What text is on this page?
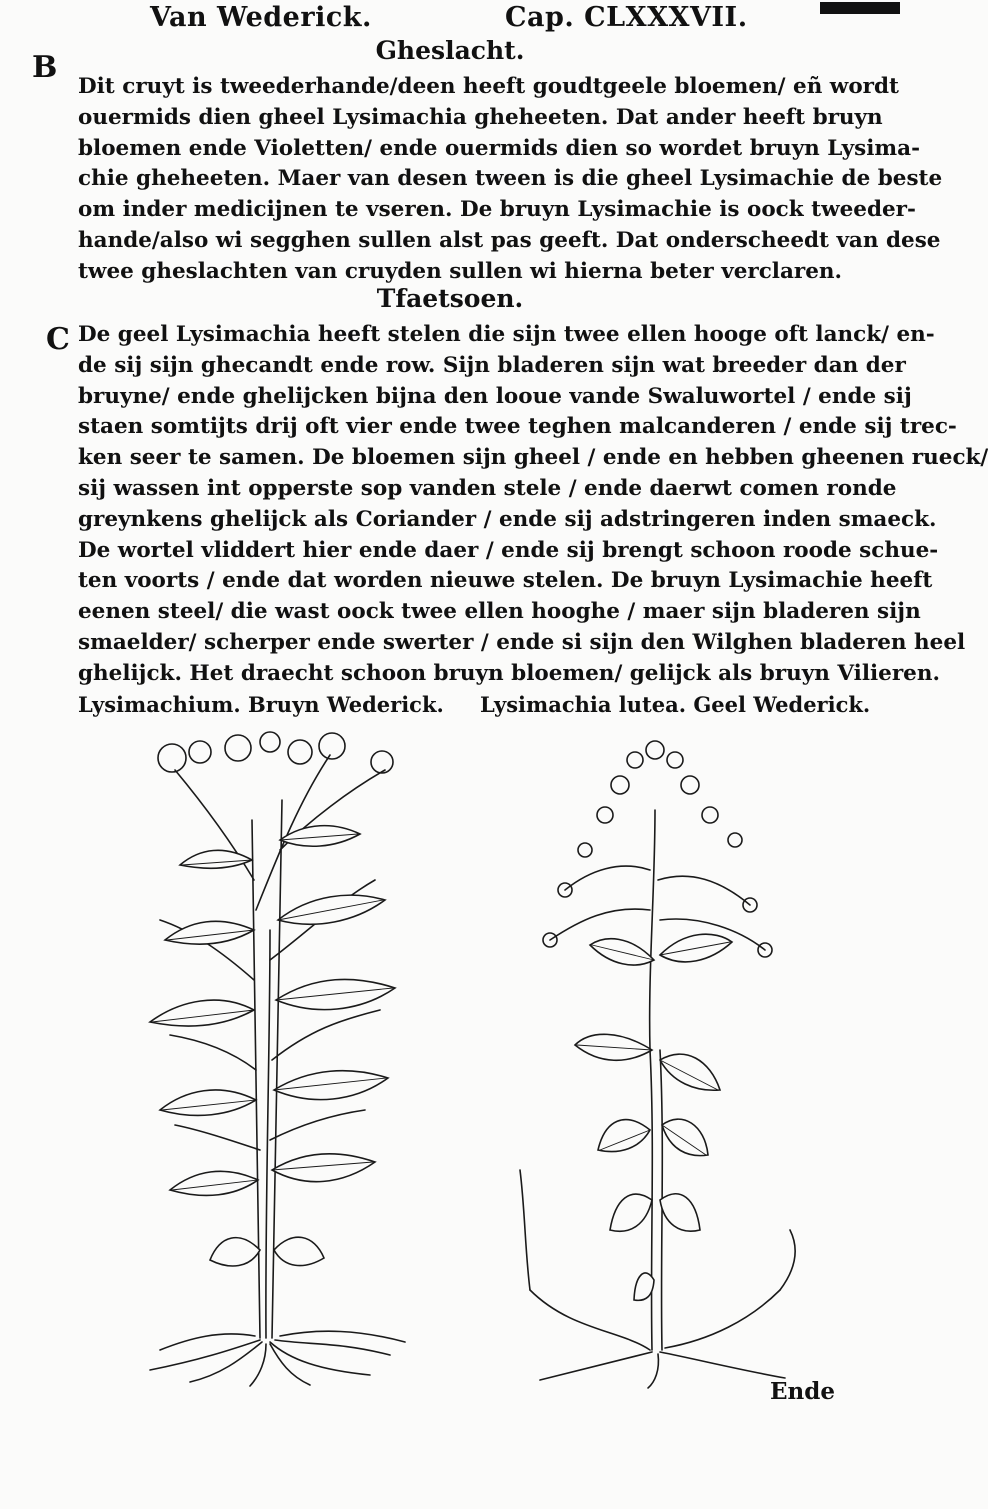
Van Wederick.	Cap. CLXXXVII.
B	Gheslacht.
Dit cruyt is tweederhande/deen heeft goudtgeele bloemen/ eñ wordt
ouermids dien gheel Lysimachia gheheeten. Dat ander heeft bruyn
bloemen ende Violetten/ ende ouermids dien so wordet bruyn Lysima-
chie gheheeten. Maer van desen tween is die gheel Lysimachie de beste
om inder medicijnen te vseren. De bruyn Lysimachie is oock tweeder-
hande/also wi segghen sullen alst pas geeft. Dat onderscheedt van dese
twee gheslachten van cruyden sullen wi hierna beter verclaren.
Tfaetsoen.
C De geel Lysimachia heeft stelen die sijn twee ellen hooge oft lanck/ en-
de sij sijn ghecandt ende row. Sijn bladeren sijn wat breeder dan der
bruyne/ ende ghelijcken bijna den looue vande Swaluwortel / ende sij
staen somtijts drij oft vier ende twee teghen malcanderen / ende sij trec-
ken seer te samen. De bloemen sijn gheel / ende en hebben gheenen rueck/
sij wassen int opperste sop vanden stele / ende daerwt comen ronde
greynkens ghelijck als Coriander / ende sij adstringeren inden smaeck.
De wortel vliddert hier ende daer / ende sij brengt schoon roode schue-
ten voorts / ende dat worden nieuwe stelen. De bruyn Lysimachie heeft
eenen steel/ die wast oock twee ellen hooghe / maer sijn bladeren sijn
smaelder/ scherper ende swerter / ende si sijn den Wilghen bladeren heel
ghelijck. Het draecht schoon bruyn bloemen/ gelijck als bruyn Vilieren.
Lysimachium. Bruyn Wederick. Lysimachia lutea. Geel Wederick.
Ende
